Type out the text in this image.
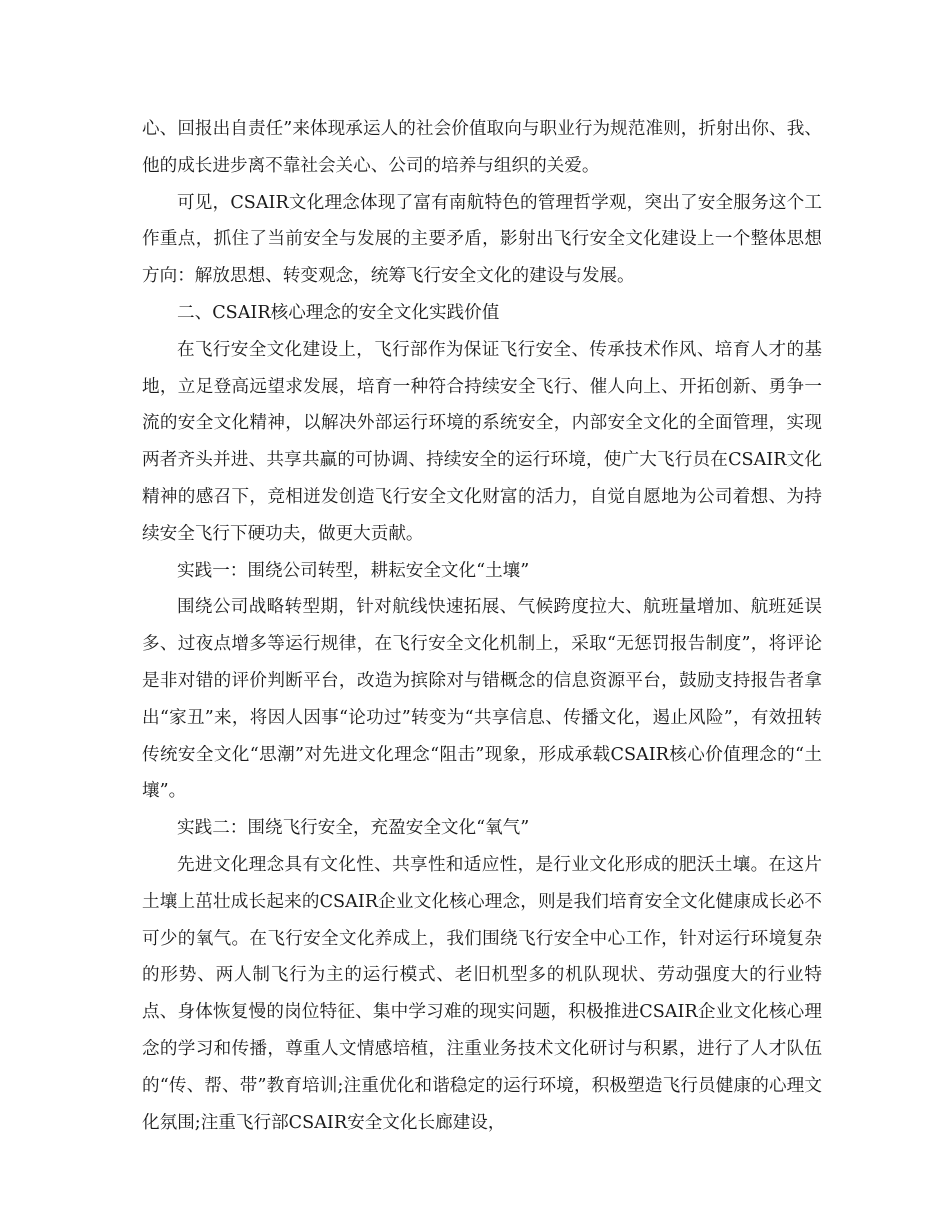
心、回报出自责任”来体现承运人的社会价值取向与职业行为规范准则，折射出你、我、他的成长进步离不靠社会关心、公司的培养与组织的关爱。

可见，CSAIR文化理念体现了富有南航特色的管理哲学观，突出了安全服务这个工作重点，抓住了当前安全与发展的主要矛盾，影射出飞行安全文化建设上一个整体思想方向：解放思想、转变观念，统筹飞行安全文化的建设与发展。

二、CSAIR核心理念的安全文化实践价值

在飞行安全文化建设上，飞行部作为保证飞行安全、传承技术作风、培育人才的基地，立足登高远望求发展，培育一种符合持续安全飞行、催人向上、开拓创新、勇争一流的安全文化精神，以解决外部运行环境的系统安全，内部安全文化的全面管理，实现两者齐头并进、共享共赢的可协调、持续安全的运行环境，使广大飞行员在CSAIR文化精神的感召下，竞相迸发创造飞行安全文化财富的活力，自觉自愿地为公司着想、为持续安全飞行下硬功夫，做更大贡献。

实践一：围绕公司转型，耕耘安全文化“土壤”

围绕公司战略转型期，针对航线快速拓展、气候跨度拉大、航班量增加、航班延误多、过夜点增多等运行规律，在飞行安全文化机制上，采取“无惩罚报告制度”，将评论是非对错的评价判断平台，改造为摈除对与错概念的信息资源平台，鼓励支持报告者拿出“家丑”来，将因人因事“论功过”转变为“共享信息、传播文化，遏止风险”，有效扭转传统安全文化“思潮”对先进文化理念“阻击”现象，形成承载CSAIR核心价值理念的“土壤”。

实践二：围绕飞行安全，充盈安全文化“氧气”

先进文化理念具有文化性、共享性和适应性，是行业文化形成的肥沃土壤。在这片土壤上茁壮成长起来的CSAIR企业文化核心理念，则是我们培育安全文化健康成长必不可少的氧气。在飞行安全文化养成上，我们围绕飞行安全中心工作，针对运行环境复杂的形势、两人制飞行为主的运行模式、老旧机型多的机队现状、劳动强度大的行业特点、身体恢复慢的岗位特征、集中学习难的现实问题，积极推进CSAIR企业文化核心理念的学习和传播，尊重人文情感培植，注重业务技术文化研讨与积累，进行了人才队伍的“传、帮、带”教育培训;注重优化和谐稳定的运行环境，积极塑造飞行员健康的心理文化氛围;注重飞行部CSAIR安全文化长廊建设，
